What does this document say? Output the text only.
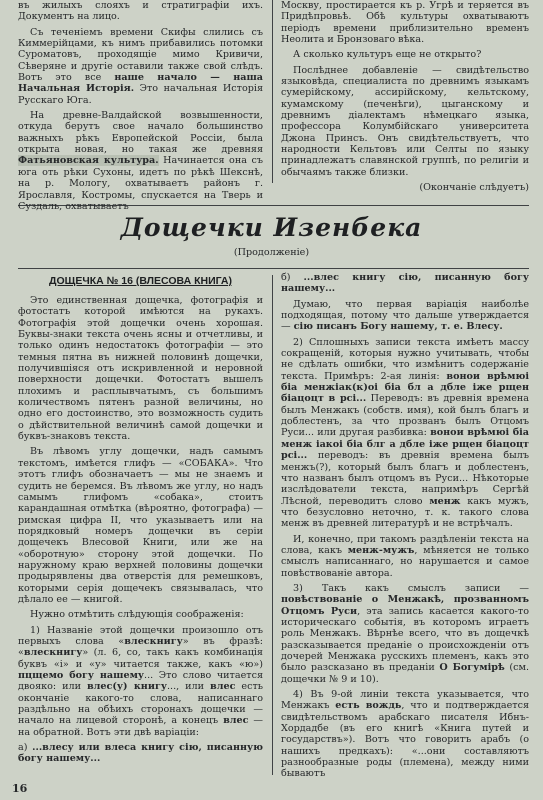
въ жилыхъ слояхъ и стратиграфіи ихъ. Документъ на лицо.

Съ теченіемъ времени Скифы слились съ Киммерійцами, къ нимъ прибавились потомки Суроматовъ, проходящіе мимо Кривичи, Сѣверяне и другіе оставили также свой слѣдъ. Вотъ это все наше начало — наша Начальная Исторія. Это начальная Исторія Русскаго Юга.

На древне-Валдайской возвышенности, откуда берутъ свое начало большинство важныхъ рѣкъ Европейской Россіи, была открыта новая, но такая же древняя Фатьяновская культура. Начинается она съ юга оть рѣки Сухоны, идетъ по рѣкѣ Шекснѣ, на р. Мологу, охватываетъ районъ г. Ярославля, Костромы, спускается на Тверь и Суздаль, охватываетъ

Москву, простирается къ р. Угрѣ и теряется въ Придѣпровьѣ. Обѣ культуры охватываютъ періодъ времени приблизительно временъ Неолита и Бронзоваго вѣка.

А сколько культуръ еще не открыто?

Послѣднее добавленіе — свидѣтельство языковѣда, специалиста по древнимъ языкамъ сумерійскому, ассирійскому, кельтскому, кумамскому (печенѣги), цыганскому и древнимъ діалектамъ нѣмецкаго языка, профессора Колумбійскаго университета Джона Принсъ. Онъ свидѣтельствуетъ, что народности Кельтовъ или Селты по языку принадлежатъ славянской группѣ, по религіи и обычаямъ также близки.

(Окончаніе слѣдуетъ)

Дощечки Изенбека
(Продолженіе)
ДОЩЕЧКА № 16 (ВЛЕСОВА КНИГА)

Это единственная дощечка, фотографія и фотостатъ которой имѣются на рукахъ. Фотографія этой дощечки очень хорошая. Буквы-знаки текста очень ясны и отчетливы, и только одинъ недостатокъ фотографіи — это темныя пятна въ нижней половинѣ дощечки, получившіяся отъ искривленной и неровной поверхности дощечки. Фотостатъ вышелъ плохимъ и расплывчатымъ, съ большимъ количествомъ пятенъ разной величины, но одно его достоинство, это возможность судить о дѣйствительной величинѣ самой дощечки и буквъ-знаковъ текста.

Въ лѣвомъ углу дощечки, надъ самымъ текстомъ, имѣется глифъ — «СОБАКА». Что этотъ глифъ обозначаетъ — мы не знаемъ и судить не беремся. Въ лѣвомъ же углу, но надъ самымъ глифомъ «собака», стоитъ карандашная отмѣтка (вѣроятно, фотографа) — римская цифра II, что указываетъ или на порядковый номеръ дощечки въ серіи дощечекъ Влесовой Книги, или же на «оборотную» сторону этой дощечки. По наружному краю верхней половины дощечки продырявлены два отверстія для ремешковъ, которыми серія дощечекъ связывалась, что дѣлало ее — книгой.

Нужно отмѣтить слѣдующія соображенія:

1) Названіе этой дощечки произошло отъ первыхъ слова «влескнигу» въ фразѣ: «влескнигу» (л. 6, со, такъ какъ комбинація буквъ «і» и «у» читается также, какъ «ю») пцщемо богу нашему... Это слово читается двояко: или влес(у) книгу..., или влес есть окончаніе какого-то слова, написаннаго раздѣльно на обѣихъ сторонахъ дощечки — начало на лицевой сторонѣ, а конецъ влес — на обратной. Вотъ эти двѣ варіаціи:

а) ...влесу или влеса книгу сію, писанную богу нашему...

б) ...влес книгу сію, писанную богу нашему...

Думаю, что первая варіація наиболѣе подходящая, потому что дальше утверждается — сію писанъ Богу нашему, т. е. Влесу.

2) Сплошныхъ записи текста имѣетъ массу сокращеній, которыя нужно учитывать, чтобы не сдѣлать ошибки, что измѣнитъ содержаніе текста. Примѣръ: 2-ая линія: вонои врѣмюі бia менжiак(к)оі біа бл а дбле іже рщен біацоцт в рсі... Переводъ: въ древнія времена былъ Менжакъ (собств. имя), кой былъ благъ и доблестенъ, за что прозванъ былъ Отцомъ Руси... или другая разбивка: вонои врѣмюі біа менж іакоі біа блг а дбле іже рщен біацоцт рсі... переводъ: въ древнія времена былъ менжъ(?), который былъ благъ и доблестенъ, что названъ былъ отцомъ въ Руси... Нѣкоторые изслѣдователи текста, напримѣръ Сергѣй Лѣсной, переводитъ слово менж какъ мужъ, что безусловно неточно, т. к. такого слова менж въ древней литературѣ и не встрѣчалъ.

И, конечно, при такомъ раздѣленіи текста на слова, какъ менж-мужъ, мѣняется не только смыслъ написаннаго, но нарушается и самое повѣствованіе автора.

3) Такъ какъ смыслъ записи — повѣствованіе о Менжакѣ, прозванномъ Отцомъ Руси, эта запись касается какого-то историческаго событія, въ которомъ играетъ роль Менжакъ. Вѣрнѣе всего, что въ дощечкѣ разсказывается преданіе о происхожденіи отъ дочерей Менжака русскихъ племенъ, какъ это было разсказано въ преданіи О Богумірѣ (см. дощечки № 9 и 10).

4) Въ 9-ой линіи текста указывается, что Менжакъ есть вождь, что и подтверждается свидѣтельствомъ арабскаго писателя Ибнъ-Хордадбе (въ его книгѣ «Книга путей и государствъ»). Вотъ что говоритъ арабъ (о нашихъ предкахъ): «...они составляютъ разнообразные роды (племена), между ними бываютъ

16
